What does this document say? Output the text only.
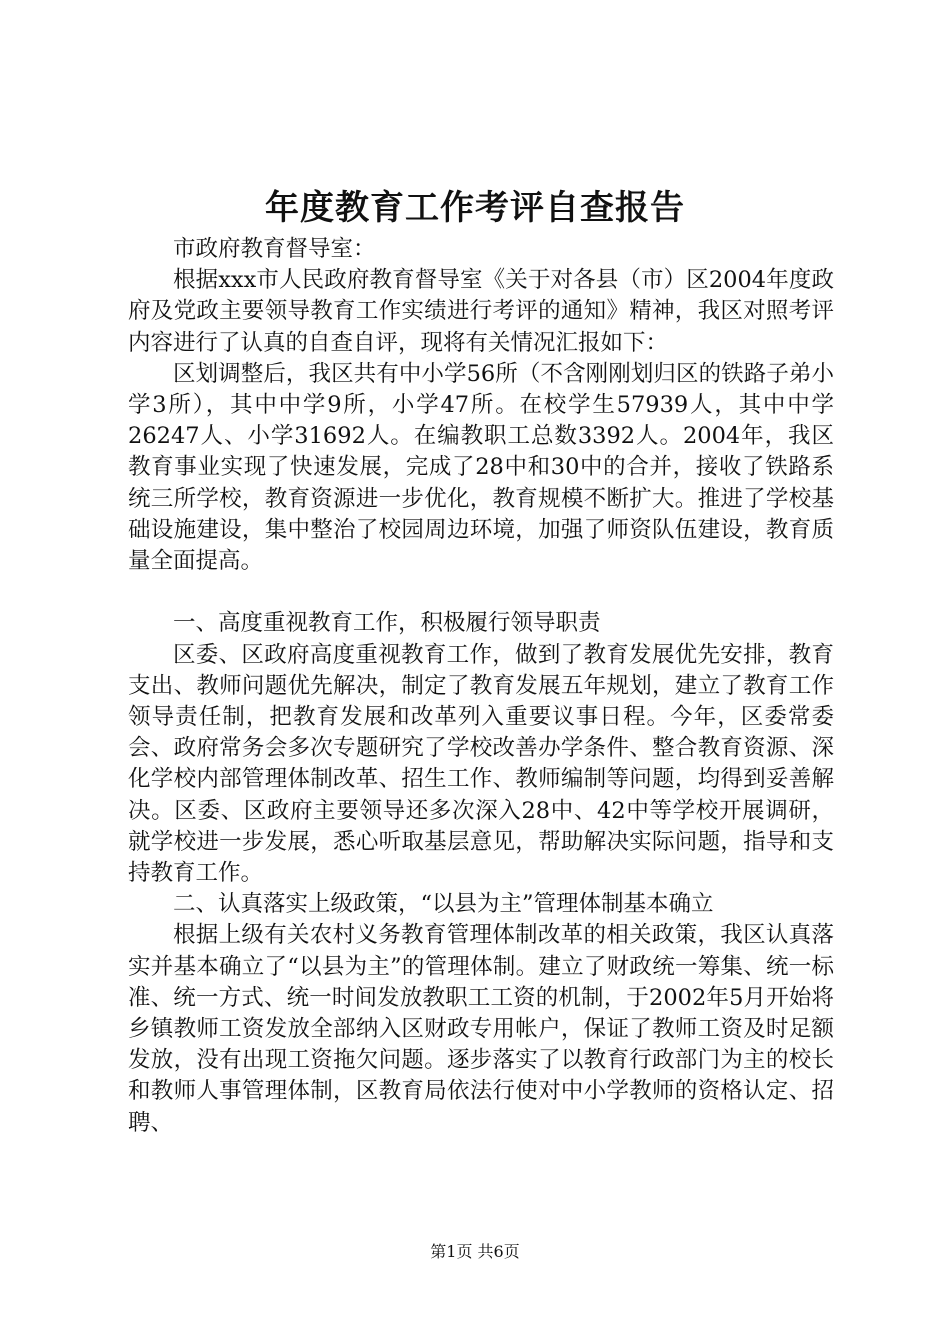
年度教育工作考评自查报告

市政府教育督导室：

根据xxx市人民政府教育督导室《关于对各县（市）区2004年度政府及党政主要领导教育工作实绩进行考评的通知》精神，我区对照考评内容进行了认真的自查自评，现将有关情况汇报如下：

区划调整后，我区共有中小学56所（不含刚刚划归区的铁路子弟小学3所），其中中学9所，小学47所。在校学生57939人，其中中学26247人、小学31692人。在编教职工总数3392人。2004年，我区教育事业实现了快速发展，完成了28中和30中的合并，接收了铁路系统三所学校，教育资源进一步优化，教育规模不断扩大。推进了学校基础设施建设，集中整治了校园周边环境，加强了师资队伍建设，教育质量全面提高。

一、高度重视教育工作，积极履行领导职责

区委、区政府高度重视教育工作，做到了教育发展优先安排，教育支出、教师问题优先解决，制定了教育发展五年规划，建立了教育工作领导责任制，把教育发展和改革列入重要议事日程。今年，区委常委会、政府常务会多次专题研究了学校改善办学条件、整合教育资源、深化学校内部管理体制改革、招生工作、教师编制等问题，均得到妥善解决。区委、区政府主要领导还多次深入28中、42中等学校开展调研，就学校进一步发展，悉心听取基层意见，帮助解决实际问题，指导和支持教育工作。

二、认真落实上级政策，“以县为主”管理体制基本确立

根据上级有关农村义务教育管理体制改革的相关政策，我区认真落实并基本确立了“以县为主”的管理体制。建立了财政统一筹集、统一标准、统一方式、统一时间发放教职工工资的机制，于2002年5月开始将乡镇教师工资发放全部纳入区财政专用帐户，保证了教师工资及时足额发放，没有出现工资拖欠问题。逐步落实了以教育行政部门为主的校长和教师人事管理体制，区教育局依法行使对中小学教师的资格认定、招聘、

第1页 共6页
